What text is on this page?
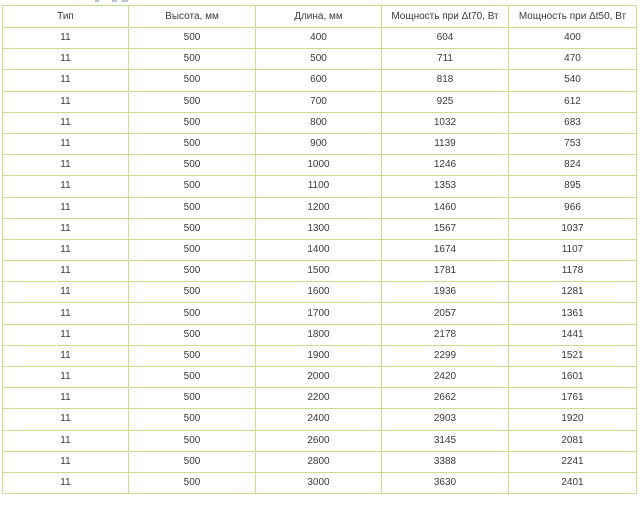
Тип	Высота, мм	Длина, мм	Мощность при Δt70, Вт	Мощность при Δt50, Вт
11	500	400	604	400
11	500	500	711	470
11	500	600	818	540
11	500	700	925	612
11	500	800	1032	683
11	500	900	1139	753
11	500	1000	1246	824
11	500	1100	1353	895
11	500	1200	1460	966
11	500	1300	1567	1037
11	500	1400	1674	1107
11	500	1500	1781	1178
11	500	1600	1936	1281
11	500	1700	2057	1361
11	500	1800	2178	1441
11	500	1900	2299	1521
11	500	2000	2420	1601
11	500	2200	2662	1761
11	500	2400	2903	1920
11	500	2600	3145	2081
11	500	2800	3388	2241
11	500	3000	3630	2401
